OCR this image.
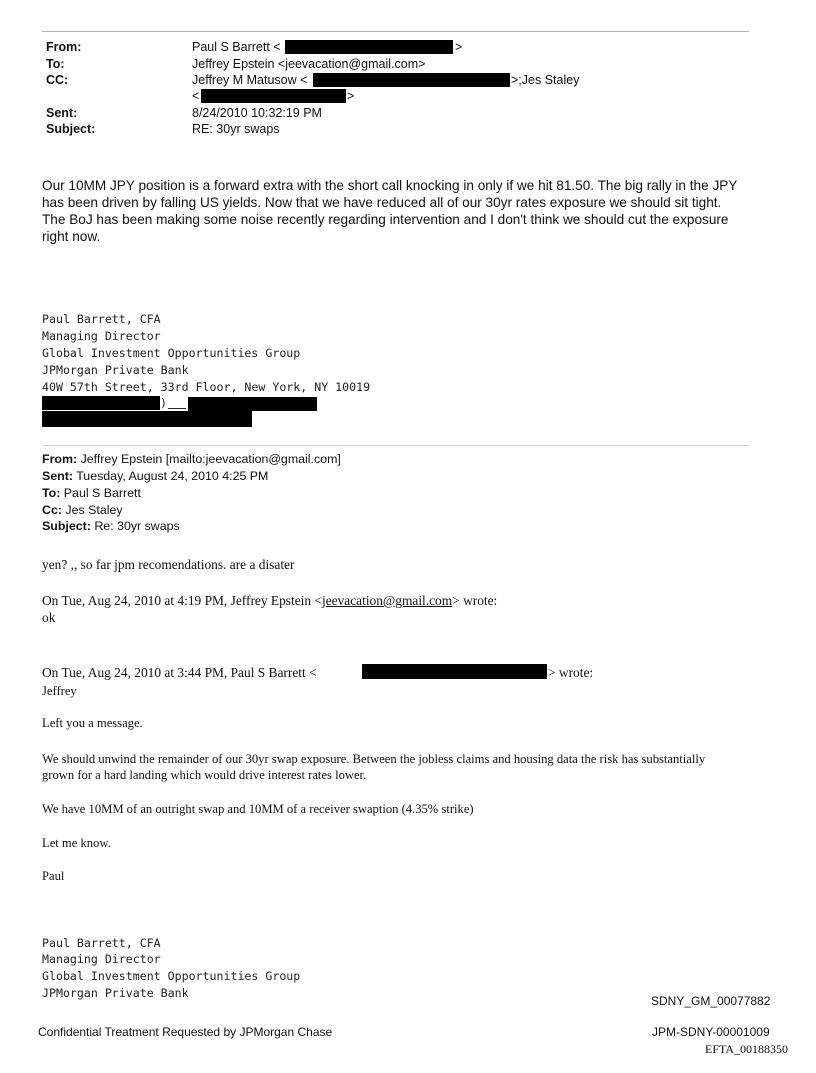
From:	Paul S Barrett <	>
To:	Jeffrey Epstein <jeevacation@gmail.com>
CC:	Jeffrey M Matusow <	>;Jes Staley
<	>
Sent:	8/24/2010 10:32:19 PM
Subject:	RE: 30yr swaps
Our 10MM JPY position is a forward extra with the short call knocking in only if we hit 81.50. The big rally in the JPY has been driven by falling US yields. Now that we have reduced all of our 30yr rates exposure we should sit tight. The BoJ has been making some noise recently regarding intervention and I don't think we should cut the exposure right now.
Paul Barrett, CFA
Managing Director
Global Investment Opportunities Group
JPMorgan Private Bank
40W 57th Street, 33rd Floor, New York, NY 10019
)
From: Jeffrey Epstein [mailto:jeevacation@gmail.com]
Sent: Tuesday, August 24, 2010 4:25 PM
To: Paul S Barrett
Cc: Jes Staley
Subject: Re: 30yr swaps
yen? ,, so far jpm recomendations. are a disater
On Tue, Aug 24, 2010 at 4:19 PM, Jeffrey Epstein <jeevacation@gmail.com> wrote:
ok
On Tue, Aug 24, 2010 at 3:44 PM, Paul S Barrett <	> wrote:
Jeffrey
Left you a message.
We should unwind the remainder of our 30yr swap exposure. Between the jobless claims and housing data the risk has substantially grown for a hard landing which would drive interest rates lower.
We have 10MM of an outright swap and 10MM of a receiver swaption (4.35% strike)
Let me know.
Paul
Paul Barrett, CFA
Managing Director
Global Investment Opportunities Group
JPMorgan Private Bank
SDNY_GM_00077882
Confidential Treatment Requested by JPMorgan Chase	JPM-SDNY-00001009
EFTA_00188350
